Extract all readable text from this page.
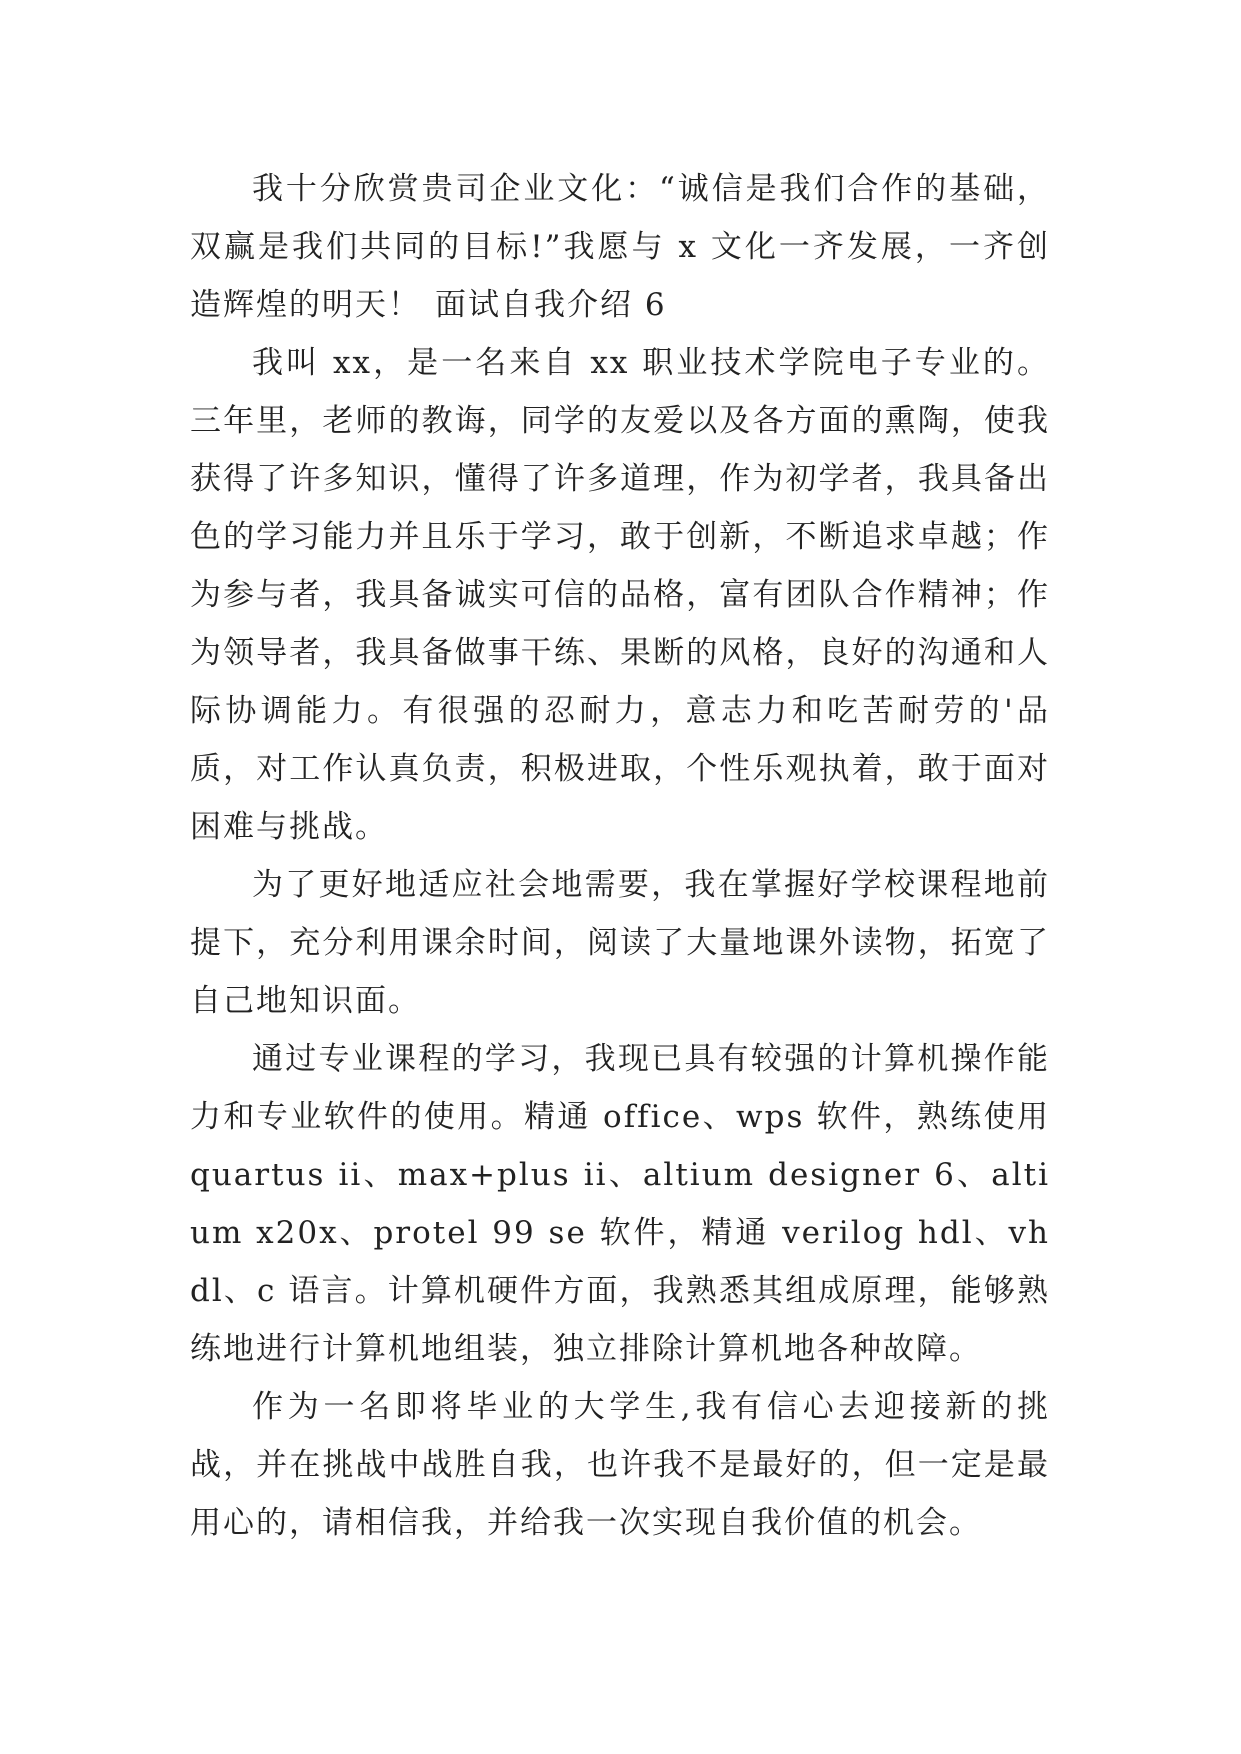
我十分欣赏贵司企业文化：“诚信是我们合作的基础，双赢是我们共同的目标!”我愿与 x 文化一齐发展，一齐创造辉煌的明天！ 面试自我介绍 6

我叫 xx，是一名来自 xx 职业技术学院电子专业的。三年里，老师的教诲，同学的友爱以及各方面的熏陶，使我获得了许多知识，懂得了许多道理，作为初学者，我具备出色的学习能力并且乐于学习，敢于创新，不断追求卓越；作为参与者，我具备诚实可信的品格，富有团队合作精神；作为领导者，我具备做事干练、果断的风格，良好的沟通和人际协调能力。有很强的忍耐力，意志力和吃苦耐劳的'品质，对工作认真负责，积极进取，个性乐观执着，敢于面对困难与挑战。

为了更好地适应社会地需要，我在掌握好学校课程地前提下，充分利用课余时间，阅读了大量地课外读物，拓宽了自己地知识面。

通过专业课程的学习，我现已具有较强的计算机操作能力和专业软件的使用。精通 office、wps 软件，熟练使用 quartus ii、max+plus ii、altium designer 6、altium x20x、protel 99 se 软件，精通 verilog hdl、vhdl、c 语言。计算机硬件方面，我熟悉其组成原理，能够熟练地进行计算机地组装，独立排除计算机地各种故障。

作为一名即将毕业的大学生,我有信心去迎接新的挑战，并在挑战中战胜自我，也许我不是最好的，但一定是最用心的，请相信我，并给我一次实现自我价值的机会。
